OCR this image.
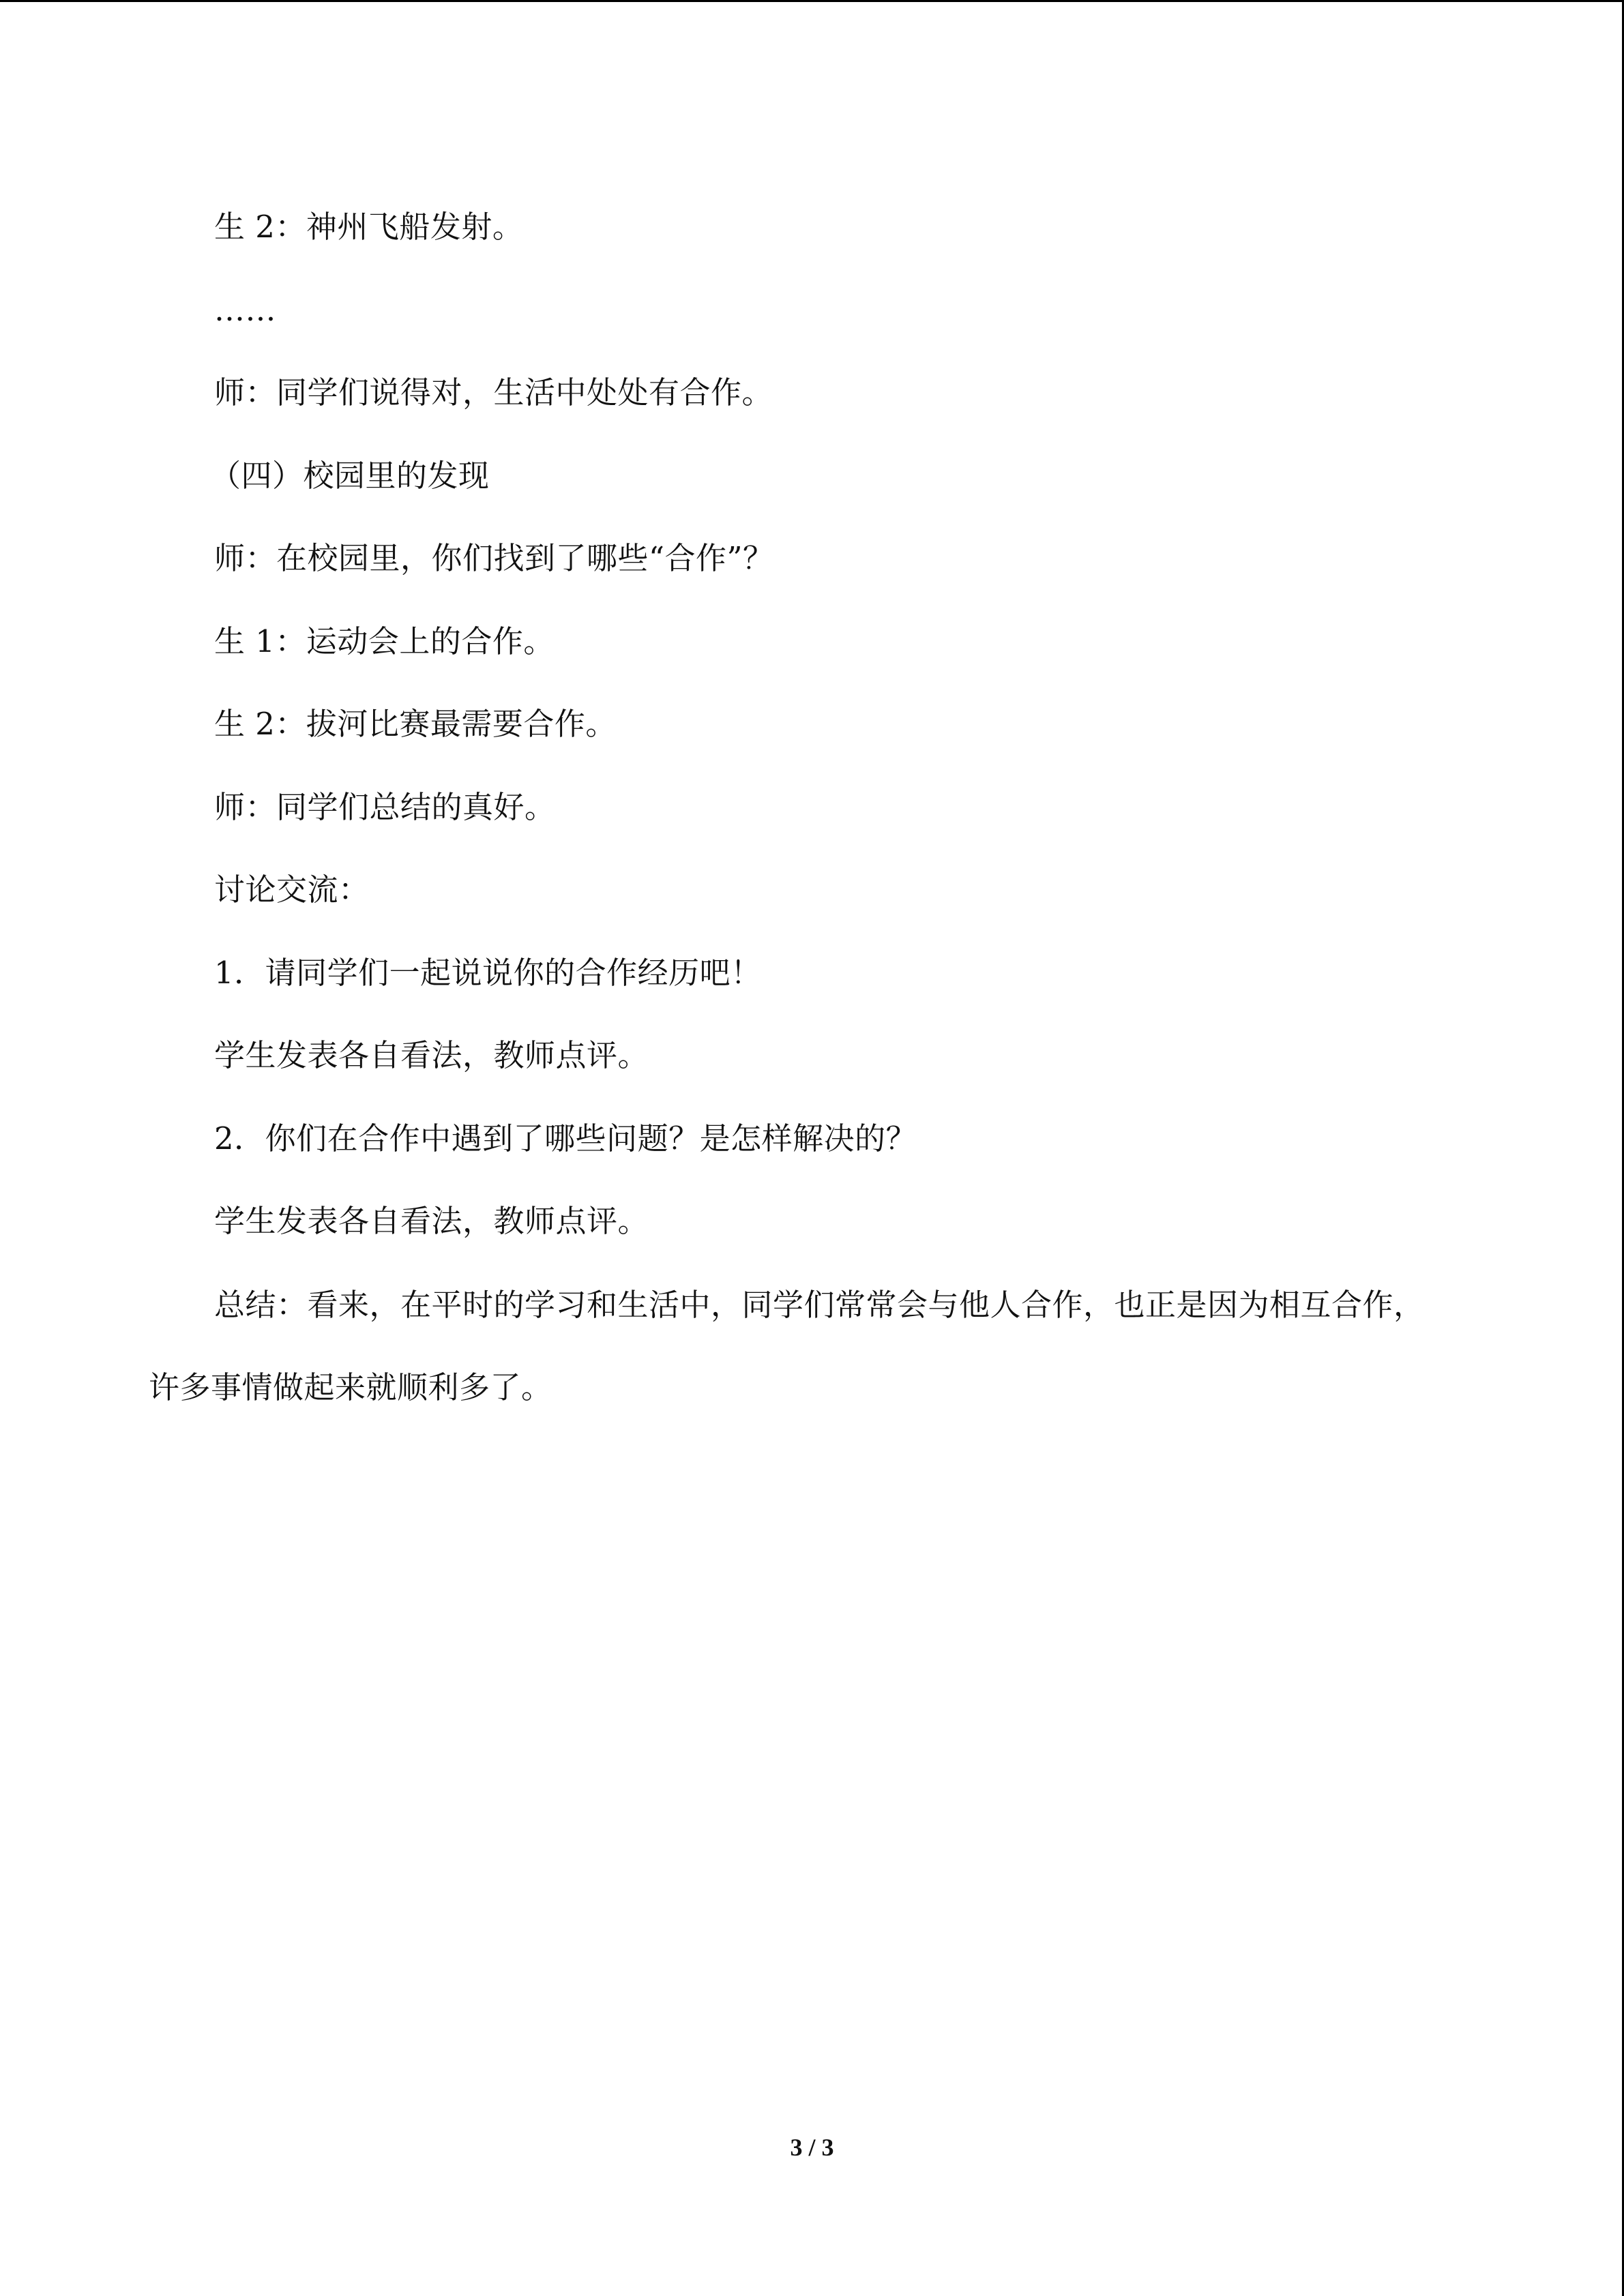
生 2：神州飞船发射。

……

师：同学们说得对，生活中处处有合作。

（四）校园里的发现

师：在校园里，你们找到了哪些“合作”？

生 1：运动会上的合作。

生 2：拔河比赛最需要合作。

师：同学们总结的真好。

讨论交流：

1．请同学们一起说说你的合作经历吧！

学生发表各自看法，教师点评。

2．你们在合作中遇到了哪些问题？是怎样解决的？

学生发表各自看法，教师点评。

总结：看来，在平时的学习和生活中，同学们常常会与他人合作，也正是因为相互合作，许多事情做起来就顺利多了。

3 / 3
